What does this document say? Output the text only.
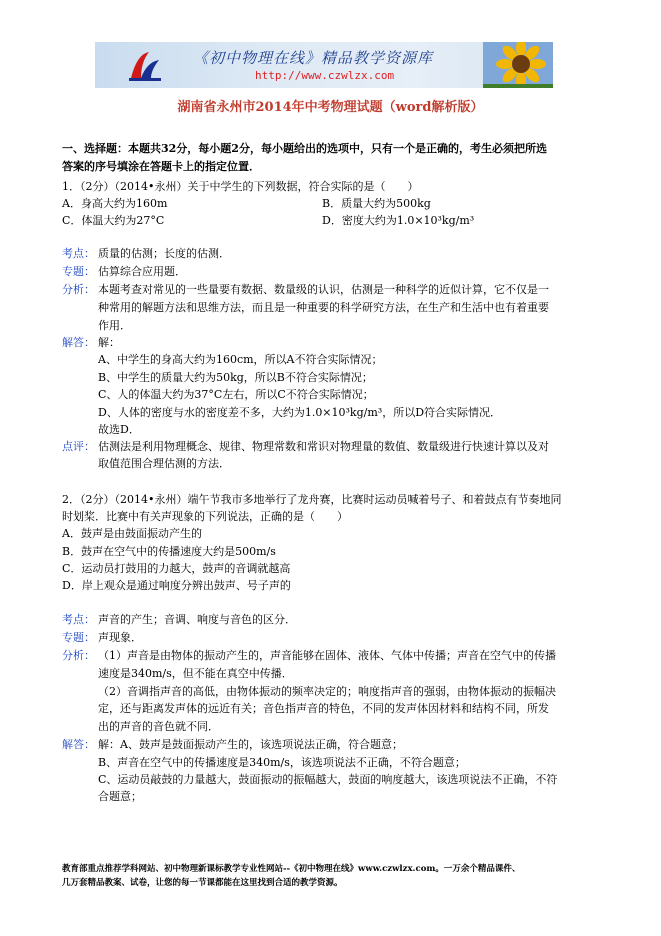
《初中物理在线》精品教学资源库
http://www.czwlzx.com
湖南省永州市2014年中考物理试题（word解析版）
一、选择题：本题共32分，每小题2分，每小题给出的选项中，只有一个是正确的，考生必须把所选
答案的序号填涂在答题卡上的指定位置．
1．（2分）（2014•永州）关于中学生的下列数据，符合实际的是（　　）
A．身高大约为160m	B．质量大约为500kg
C．体温大约为27°C	D．密度大约为1.0×10³kg/m³
考点： 质量的估测；长度的估测．
专题： 估算综合应用题．
分析： 本题考查对常见的一些量要有数据、数量级的认识，估测是一种科学的近似计算，它不仅是一
种常用的解题方法和思维方法，而且是一种重要的科学研究方法，在生产和生活中也有着重要
作用．
解答： 解：
A、中学生的身高大约为160cm，所以A不符合实际情况；
B、中学生的质量大约为50kg，所以B不符合实际情况；
C、人的体温大约为37°C左右，所以C不符合实际情况；
D、人体的密度与水的密度差不多，大约为1.0×10³kg/m³，所以D符合实际情况．
故选D．
点评： 估测法是利用物理概念、规律、物理常数和常识对物理量的数值、数量级进行快速计算以及对
取值范围合理估测的方法．
2．（2分）（2014•永州）端午节我市多地举行了龙舟赛，比赛时运动员喊着号子、和着鼓点有节奏地同
时划桨．比赛中有关声现象的下列说法，正确的是（　　）
A．鼓声是由鼓面振动产生的
B．鼓声在空气中的传播速度大约是500m/s
C．运动员打鼓用的力越大，鼓声的音调就越高
D．岸上观众是通过响度分辨出鼓声、号子声的
考点： 声音的产生；音调、响度与音色的区分．
专题： 声现象．
分析： （1）声音是由物体的振动产生的，声音能够在固体、液体、气体中传播；声音在空气中的传播
速度是340m/s，但不能在真空中传播．
（2）音调指声音的高低，由物体振动的频率决定的；响度指声音的强弱，由物体振动的振幅决
定，还与距离发声体的远近有关；音色指声音的特色，不同的发声体因材料和结构不同，所发
出的声音的音色就不同．
解答： 解：A、鼓声是鼓面振动产生的，该选项说法正确，符合题意；
B、声音在空气中的传播速度是340m/s，该选项说法不正确，不符合题意；
C、运动员敲鼓的力量越大，鼓面振动的振幅越大，鼓面的响度越大，该选项说法不正确，不符
合题意；
教育部重点推荐学科网站、初中物理新课标教学专业性网站--《初中物理在线》www.czwlzx.com。一万余个精品课件、
几万套精品教案、试卷，让您的每一节课都能在这里找到合适的教学资源。
